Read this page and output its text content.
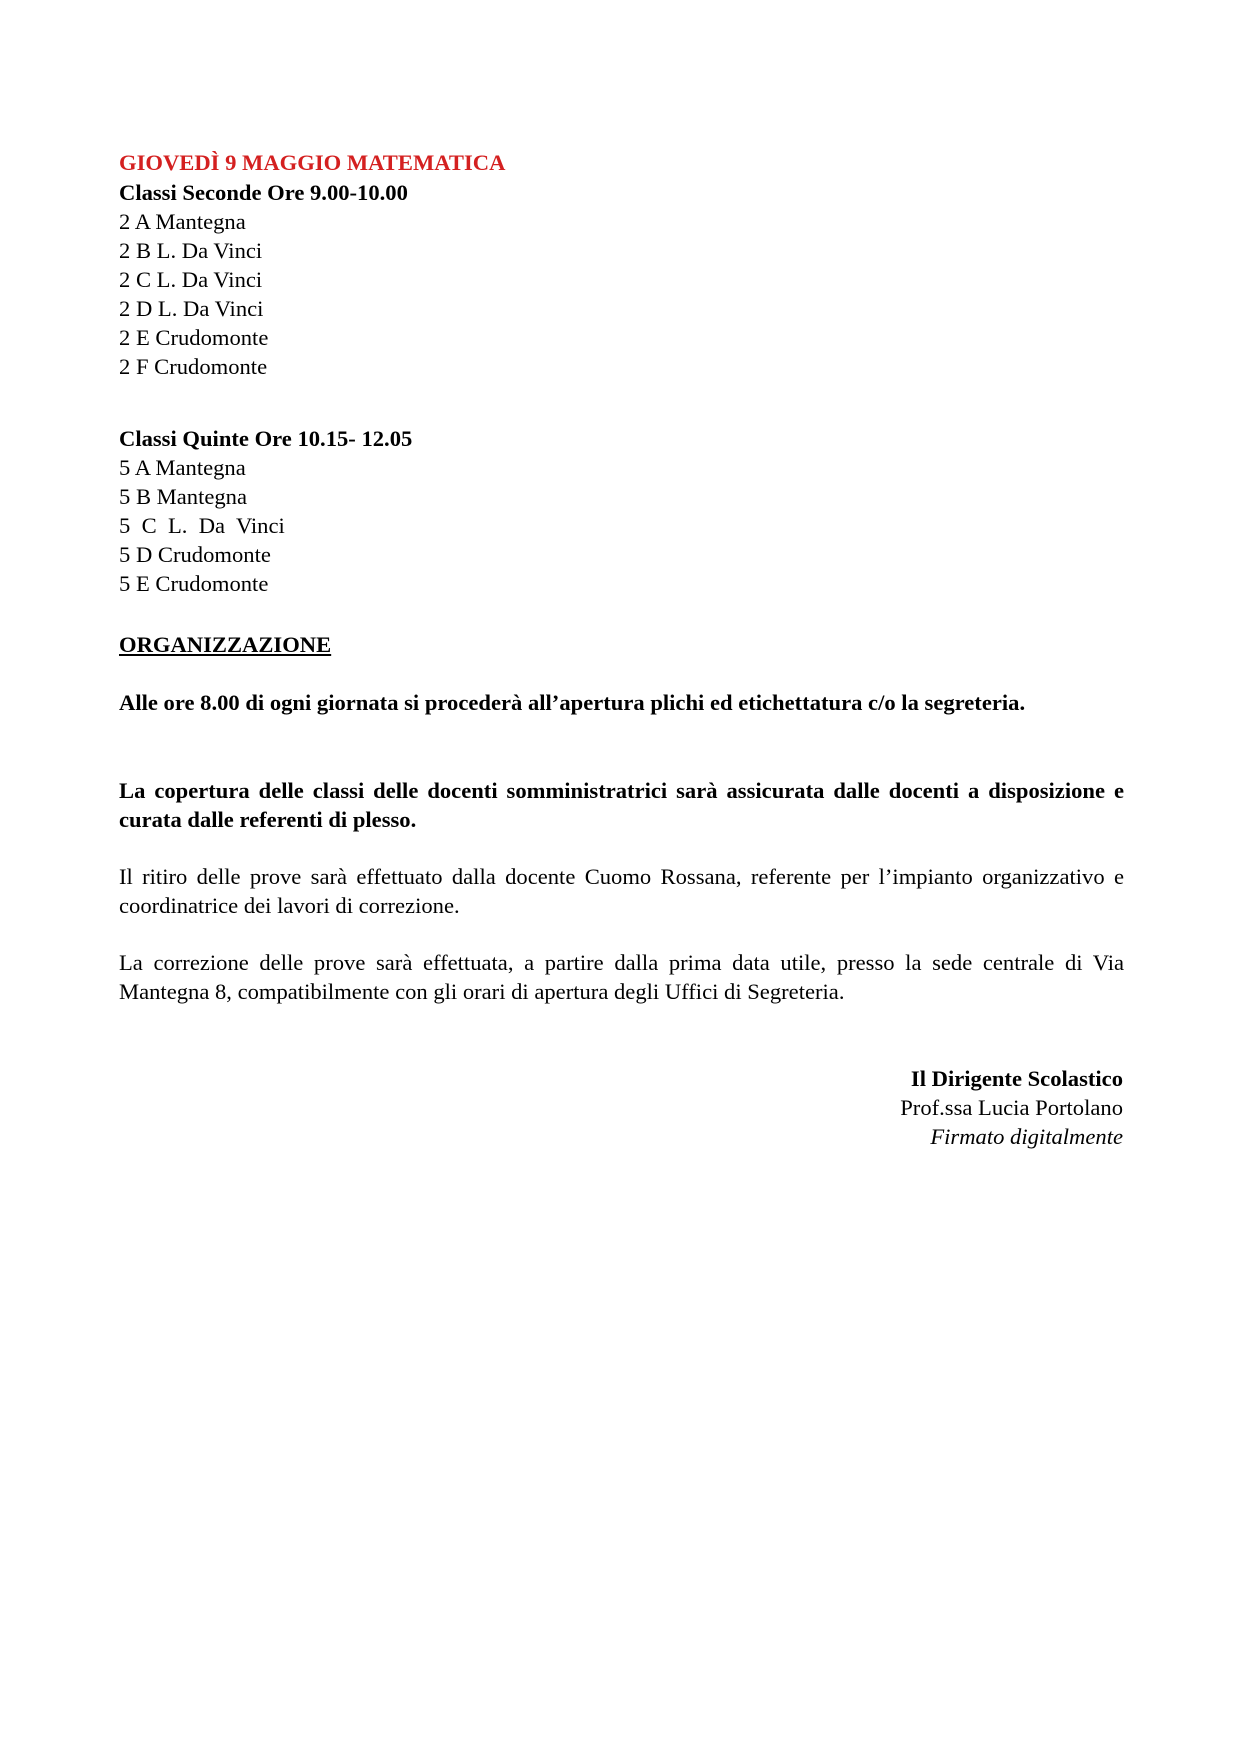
GIOVEDÌ 9 MAGGIO MATEMATICA
Classi Seconde Ore 9.00-10.00
2 A Mantegna
2 B L. Da Vinci
2 C L. Da Vinci
2 D L. Da Vinci
2 E Crudomonte
2 F Crudomonte
Classi Quinte Ore 10.15- 12.05
5 A Mantegna
5 B Mantegna
5  C  L.  Da  Vinci
5 D Crudomonte
5 E Crudomonte
ORGANIZZAZIONE
Alle ore 8.00 di ogni giornata si procederà all’apertura plichi ed etichettatura c/o la segreteria.
La copertura delle classi delle docenti somministratrici sarà assicurata dalle docenti a disposizione e curata dalle referenti di plesso.
Il ritiro delle prove sarà effettuato dalla docente Cuomo Rossana, referente per l’impianto organizzativo e coordinatrice dei lavori di correzione.
La correzione delle prove sarà effettuata, a partire dalla prima data utile, presso la sede centrale di Via Mantegna 8, compatibilmente con gli orari di apertura degli Uffici di Segreteria.
Il Dirigente Scolastico
Prof.ssa Lucia Portolano
Firmato digitalmente
